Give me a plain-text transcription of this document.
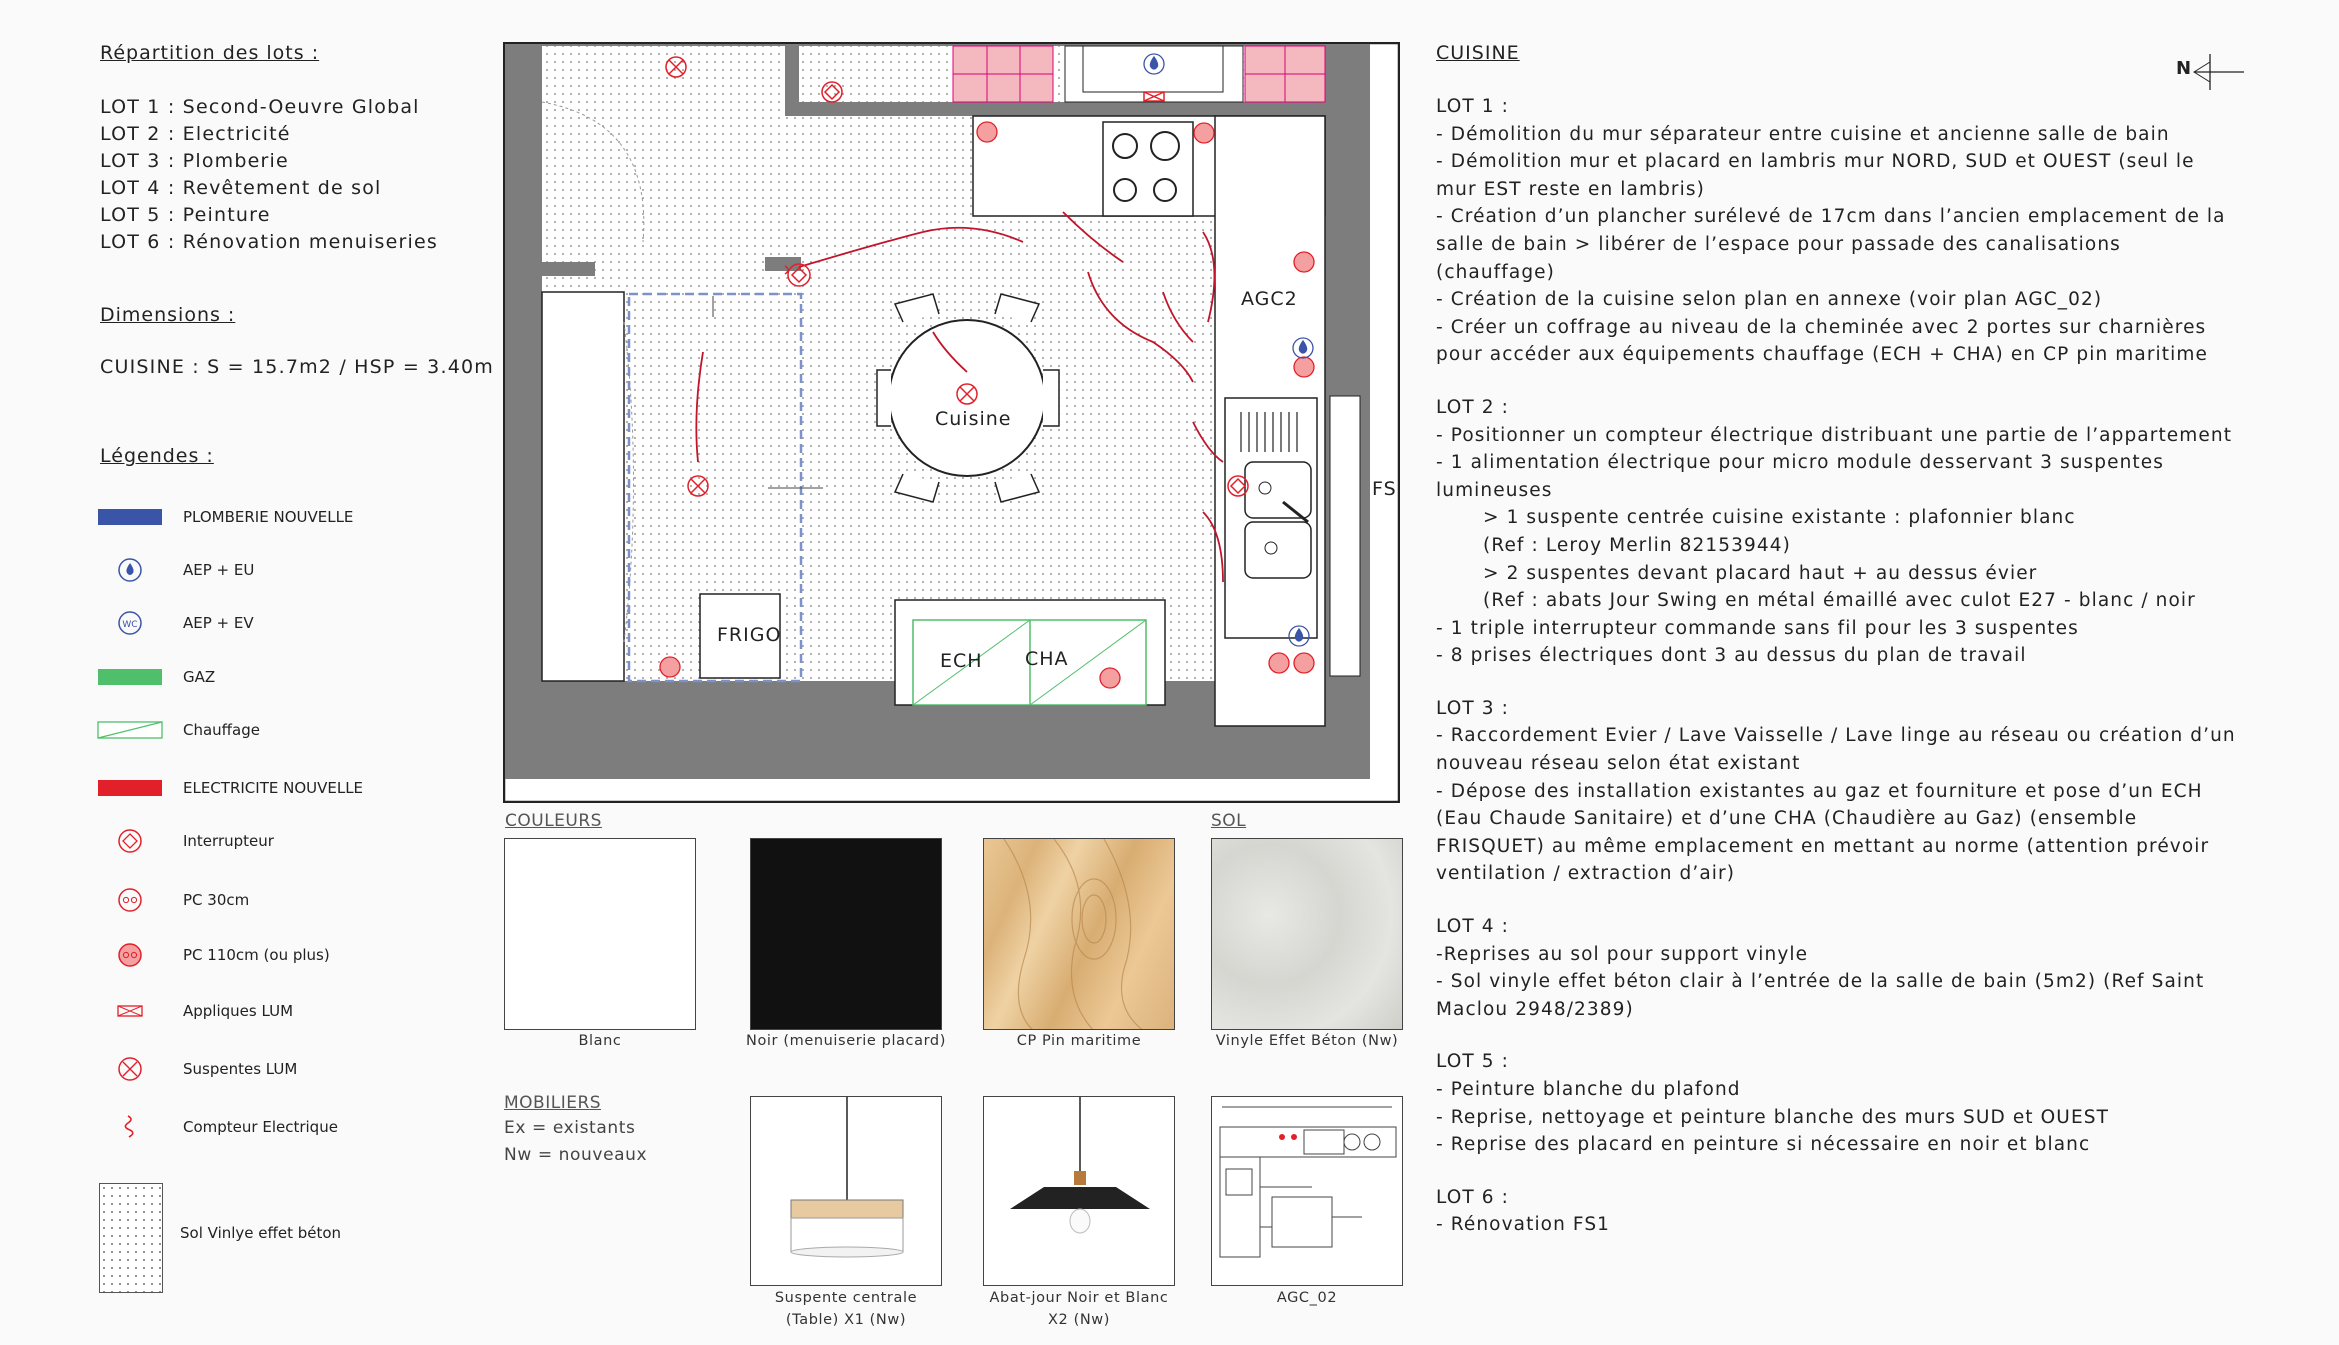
Répartition des lots :
LOT 1 : Second-Oeuvre Global
LOT 2 : Electricité
LOT 3 : Plomberie
LOT 4 : Revêtement de sol
LOT 5 : Peinture
LOT 6 : Rénovation menuiseries
Dimensions :
CUISINE : S = 15.7m2 / HSP = 3.40m
Légendes :
PLOMBERIE NOUVELLE
AEP + EU
WC	AEP + EV
GAZ
Chauffage
ELECTRICITE NOUVELLE
Interrupteur
PC 30cm
PC 110cm (ou plus)
Appliques LUM
Suspentes LUM
Compteur Electrique
Sol Vinlye effet béton
Cuisine
FRIGO
ECH CHA
AGC2
FS
COULEURS	SOL
Blanc	Noir (menuiserie placard)	CP Pin maritime	Vinyle Effet Béton (Nw)
MOBILIERS
Ex = existants
Nw = nouveaux
Suspente centrale
(Table) X1 (Nw)
Abat-jour Noir et Blanc
X2 (Nw)
AGC_02
CUISINE
N
LOT 1 :
- Démolition du mur séparateur entre cuisine et ancienne salle de bain
- Démolition mur et placard en lambris mur NORD, SUD et OUEST (seul le mur EST reste en lambris)
- Création d’un plancher surélevé de 17cm dans l’ancien emplacement de la salle de bain > libérer de l’espace pour passade des canalisations (chauffage)
- Création de la cuisine selon plan en annexe (voir plan AGC_02)
- Créer un coffrage au niveau de la cheminée avec 2 portes sur charnières pour accéder aux équipements chauffage (ECH + CHA) en CP pin maritime
LOT 2 :
- Positionner un compteur électrique distribuant une partie de l’appartement
- 1 alimentation électrique pour micro module desservant 3 suspentes lumineuses
> 1 suspente centrée cuisine existante : plafonnier blanc
(Ref : Leroy Merlin 82153944)
> 2 suspentes devant placard haut + au dessus évier
(Ref : abats Jour Swing en métal émaillé avec culot E27 - blanc / noir
- 1 triple interrupteur commande sans fil pour les 3 suspentes
- 8 prises électriques dont 3 au dessus du plan de travail
LOT 3 :
- Raccordement Evier / Lave Vaisselle / Lave linge au réseau ou création d’un nouveau réseau selon état existant
- Dépose des installation existantes au gaz et fourniture et pose d’un ECH (Eau Chaude Sanitaire) et d’une CHA (Chaudière au Gaz) (ensemble FRISQUET) au même emplacement en mettant au norme (attention prévoir ventilation / extraction d’air)
LOT 4 :
-Reprises au sol pour support vinyle
- Sol vinyle effet béton clair à l’entrée de la salle de bain (5m2) (Ref Saint Maclou 2948/2389)
LOT 5 :
- Peinture blanche du plafond
- Reprise, nettoyage et peinture blanche des murs SUD et OUEST
- Reprise des placard en peinture si nécessaire en noir et blanc
LOT 6 :
- Rénovation FS1
